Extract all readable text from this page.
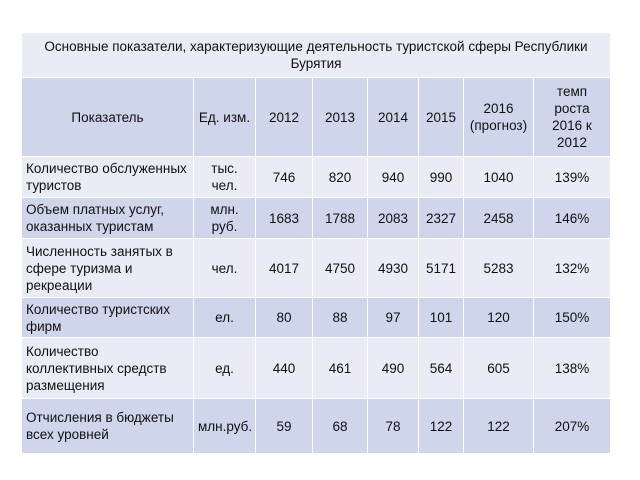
Основные показатели, характеризующие деятельность туристской сферы Республики Бурятия							
Показатель	Ед. изм.	2012	2013	2014	2015	2016 (прогноз)	темп роста 2016 к 2012
Количество обслуженных туристов	тыс. чел.	746	820	940	990	1040	139%
Объем платных услуг, оказанных туристам	млн. руб.	1683	1788	2083	2327	2458	146%
Численность занятых в сфере туризма и рекреации	чел.	4017	4750	4930	5171	5283	132%
Количество туристских фирм	ел.	80	88	97	101	120	150%
Количество коллективных средств размещения	ед.	440	461	490	564	605	138%
Отчисления в бюджеты всех уровней	млн.руб.	59	68	78	122	122	207%
